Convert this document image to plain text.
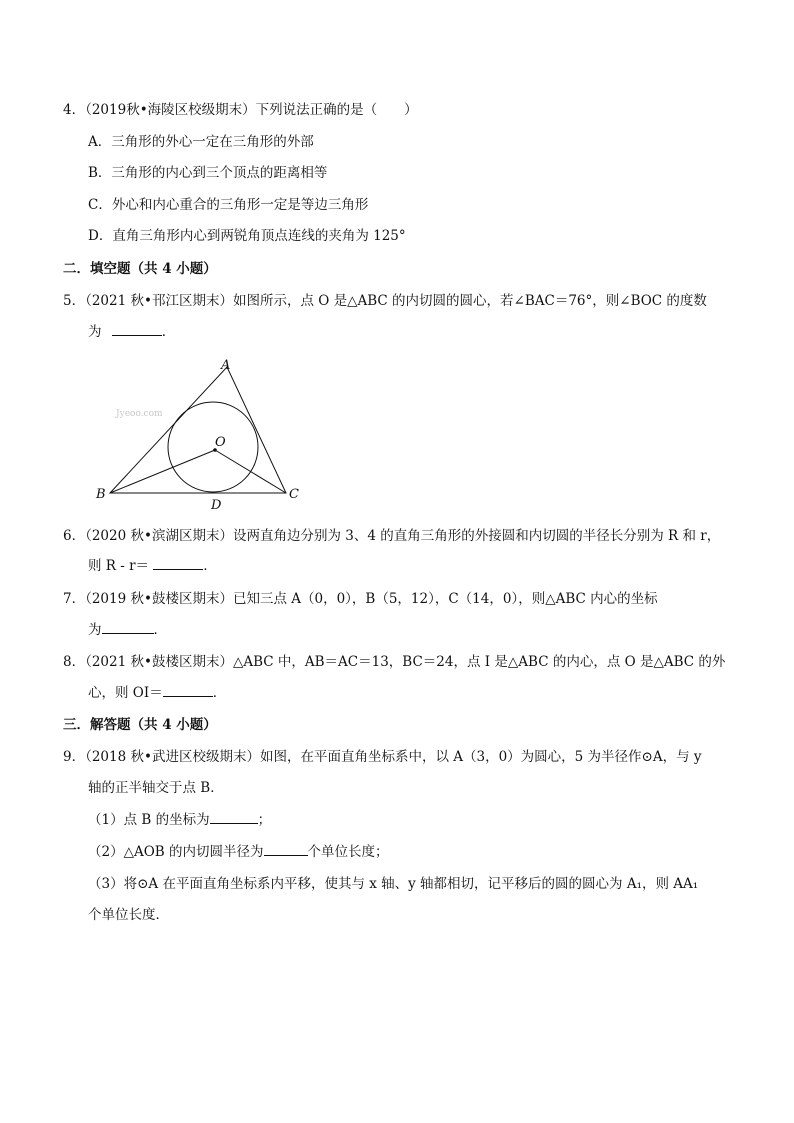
4．（2019秋•海陵区校级期末）下列说法正确的是（　　）
A．三角形的外心一定在三角形的外部
B．三角形的内心到三个顶点的距离相等
C．外心和内心重合的三角形一定是等边三角形
D．直角三角形内心到两锐角顶点连线的夹角为 125°
二．填空题（共 4 小题）
5．（2021 秋•邗江区期末）如图所示，点 O 是△ABC 的内切圆的圆心，若∠BAC＝76°，则∠BOC 的度数
为	．
Jyeoo.com
A
O
B
D
C
6．（2020 秋•滨湖区期末）设两直角边分别为 3、4 的直角三角形的外接圆和内切圆的半径长分别为 R 和 r，
则 R - r＝	．
7．（2019 秋•鼓楼区期末）已知三点 A（0，0），B（5，12），C（14，0），则△ABC 内心的坐标
为	．
8．（2021 秋•鼓楼区期末）△ABC 中，AB＝AC＝13，BC＝24，点 I 是△ABC 的内心，点 O 是△ABC 的外
心，则 OI＝	．
三．解答题（共 4 小题）
9．（2018 秋•武进区校级期末）如图，在平面直角坐标系中，以 A（3，0）为圆心，5 为半径作⊙A，与 y
轴的正半轴交于点 B．
（1）点 B 的坐标为	；
（2）△AOB 的内切圆半径为	个单位长度；
（3）将⊙A 在平面直角坐标系内平移，使其与 x 轴、y 轴都相切，记平移后的圆的圆心为 A₁，则 AA₁
个单位长度．
